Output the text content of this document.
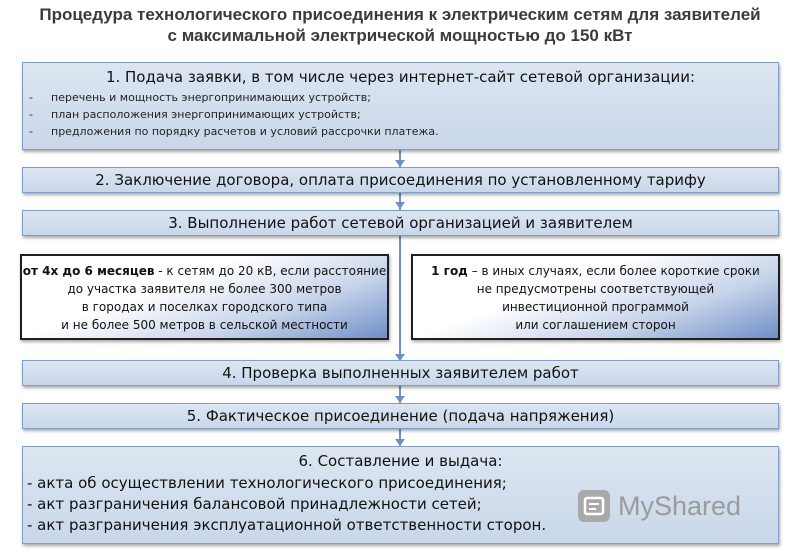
Процедура технологического присоединения к электрическим сетям для заявителей
с максимальной электрической мощностью до 150 кВт
1. Подача заявки, в том числе через интернет-сайт сетевой организации:
- перечень и мощность энергопринимающих устройств;
- план расположения энергопринимающих устройств;
- предложения по порядку расчетов и условий рассрочки платежа.
2. Заключение договора, оплата присоединения по установленному тарифу
3. Выполнение работ сетевой организацией и заявителем
от 4х до 6 месяцев - к сетям до 20 кВ, если расстояние
до участка заявителя не более 300 метров
в городах и поселках городского типа
и не более 500 метров в сельской местности
1 год – в иных случаях, если более короткие сроки
не предусмотрены соответствующей
инвестиционной программой
или соглашением сторон
4. Проверка выполненных заявителем работ
5. Фактическое присоединение (подача напряжения)
6. Составление и выдача:
- акта об осуществлении технологического присоединения;
- акт разграничения балансовой принадлежности сетей;
- акт разграничения эксплуатационной ответственности сторон.
MyShared
